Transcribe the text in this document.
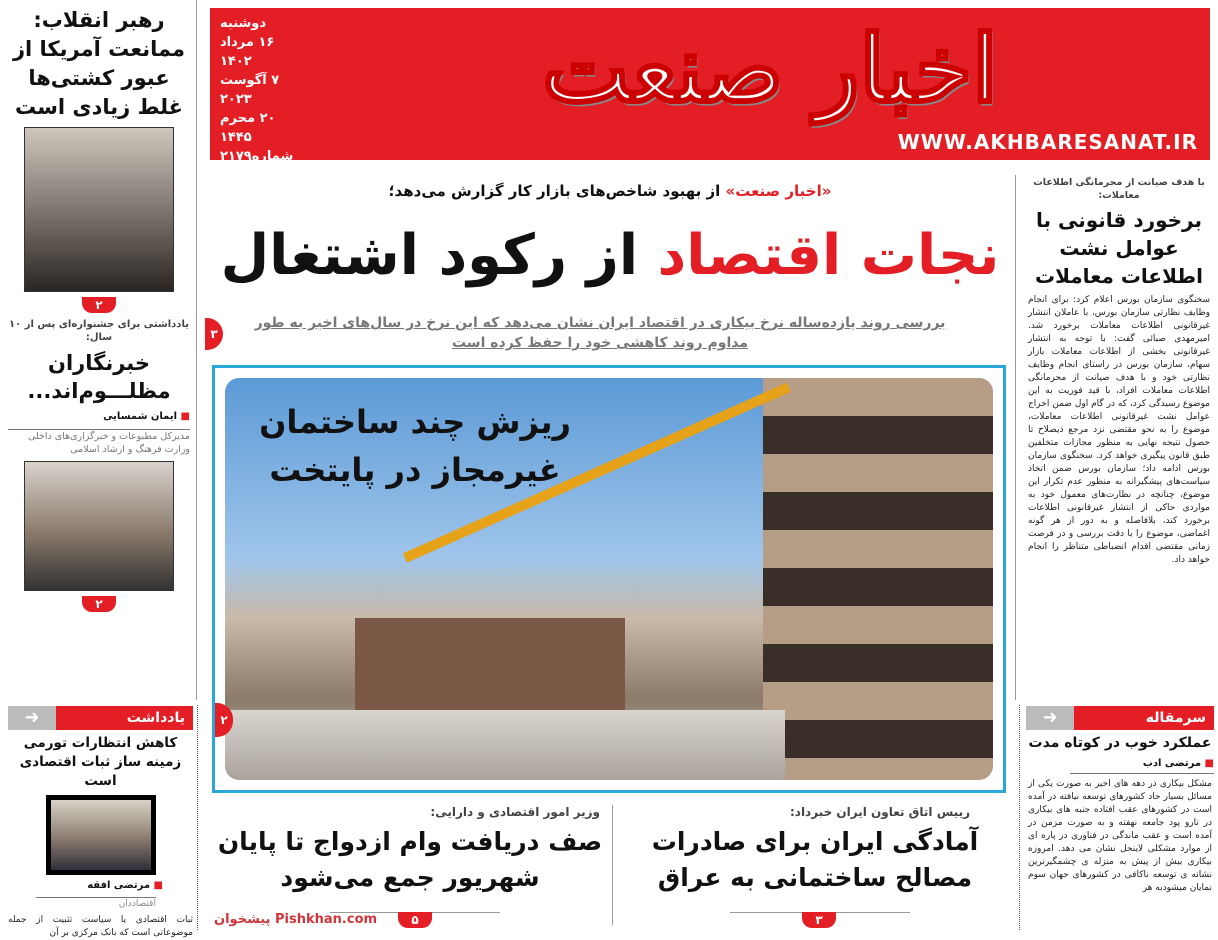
دوشنبه
۱۶ مرداد ۱۴۰۲
۷ آگوست ۲۰۲۳
۲۰ محرم ۱۴۴۵
شماره۲۱۷۹
۸ صفحه
۵۰۰۰ تومان
اخبار صنعت
WWW.AKHBARESANAT.IR
رهبر انقلاب: ممانعت آمریکا از عبور کشتی‌ها غلط زیادی است
۲
یادداشتی برای جشنواره‌ای پس از ۱۰ سال:
خبرنگاران مظلـــوم‌اند...
■ ایمان شمسایی
مدیرکل مطبوعات و خبرگزاری‌های داخلی وزارت فرهنگ و ارشاد اسلامی
۲
➜	یادداشت
کاهش انتظارات تورمی زمینه ساز ثبات اقتصادی است
■ مرتضی افقه
اقتصاددان
ثبات اقتصادی یا سیاست تثبیت از جمله موضوعاتی است که بانک مرکزی بر آن
«اخبار صنعت» از بهبود شاخص‌های بازار کار گزارش می‌دهد؛
نجات اقتصاد از رکود اشتغال
بررسی روند یازده‌ساله نرخ بیکاری در اقتصاد ایران نشان می‌دهد که این نرخ در سال‌های اخیر به طور مداوم روند کاهشی خود را حفظ کرده است
۳
ریزش چند ساختمان غیرمجاز در پایتخت
۲
وزیر امور اقتصادی و دارایی:
صف دریافت وام ازدواج تا پایان شهریور جمع می‌شود
۵
پیشخوان Pishkhan.com
رییس اتاق تعاون ایران خبرداد:
آمادگی ایران برای صادرات مصالح ساختمانی به عراق
۳
با هدف صیانت از محرمانگی اطلاعات معاملات:
برخورد قانونی با عوامل نشت اطلاعات معاملات
سخنگوی سازمان بورس اعلام کرد: برای انجام وظایف نظارتی سازمان بورس، با عاملان انتشار غیرقانونی اطلاعات معاملات برخورد شد. امیرمهدی صبائی گفت: با توجه به انتشار غیرقانونی بخشی از اطلاعات معاملات بازار سهام، سازمان بورس در راستای انجام وظایف نظارتی خود و با هدف صیانت از محرمانگی اطلاعات معاملات افراد، با قید فوریت به این موضوع رسیدگی کرد، که در گام اول ضمن اخراج عوامل نشت غیرقانونی اطلاعات معاملات، موضوع را به نحو مقتضی نزد مرجع ذیصلاح تا حصول نتیجه نهایی به منظور مجازات متخلفین طبق قانون پیگیری خواهد کرد. سخنگوی سازمان بورس ادامه داد؛ سازمان بورس ضمن اتخاذ سیاست‌های پیشگیرانه به منظور عدم تکرار این موضوع، چنانچه در نظارت‌های معمول خود به مواردی حاکی از انتشار غیرقانونی اطلاعات برخورد کند، بلافاصله و به دور از هر گونه اغماضی، موضوع را با دقت بررسی و در فرصت زمانی مقتضی اقدام انضباطی متناظر را انجام خواهد داد.
➜	سرمقاله
عملکرد خوب در کوتاه مدت
■ مرتضی ادب
مشکل بیکاری در دهه های اخیر به صورت یکی از مسائل بسیار حاد کشورهای توسعه نیافته در آمده است در کشورهای عقب افتاده جنبه های بیکاری در تارو پود جامعه نهفته و به صورت مزمن در آمده است و عقب ماندگی در فناوری در پاره ای از موارد مشکلی لاینحل نشان می دهد. امروزه بیکاری بیش از پیش به منزله ی چشمگیرترین نشانه ی توسعه ناکافی در کشورهای جهان سوم نمایان میشودبه هر
